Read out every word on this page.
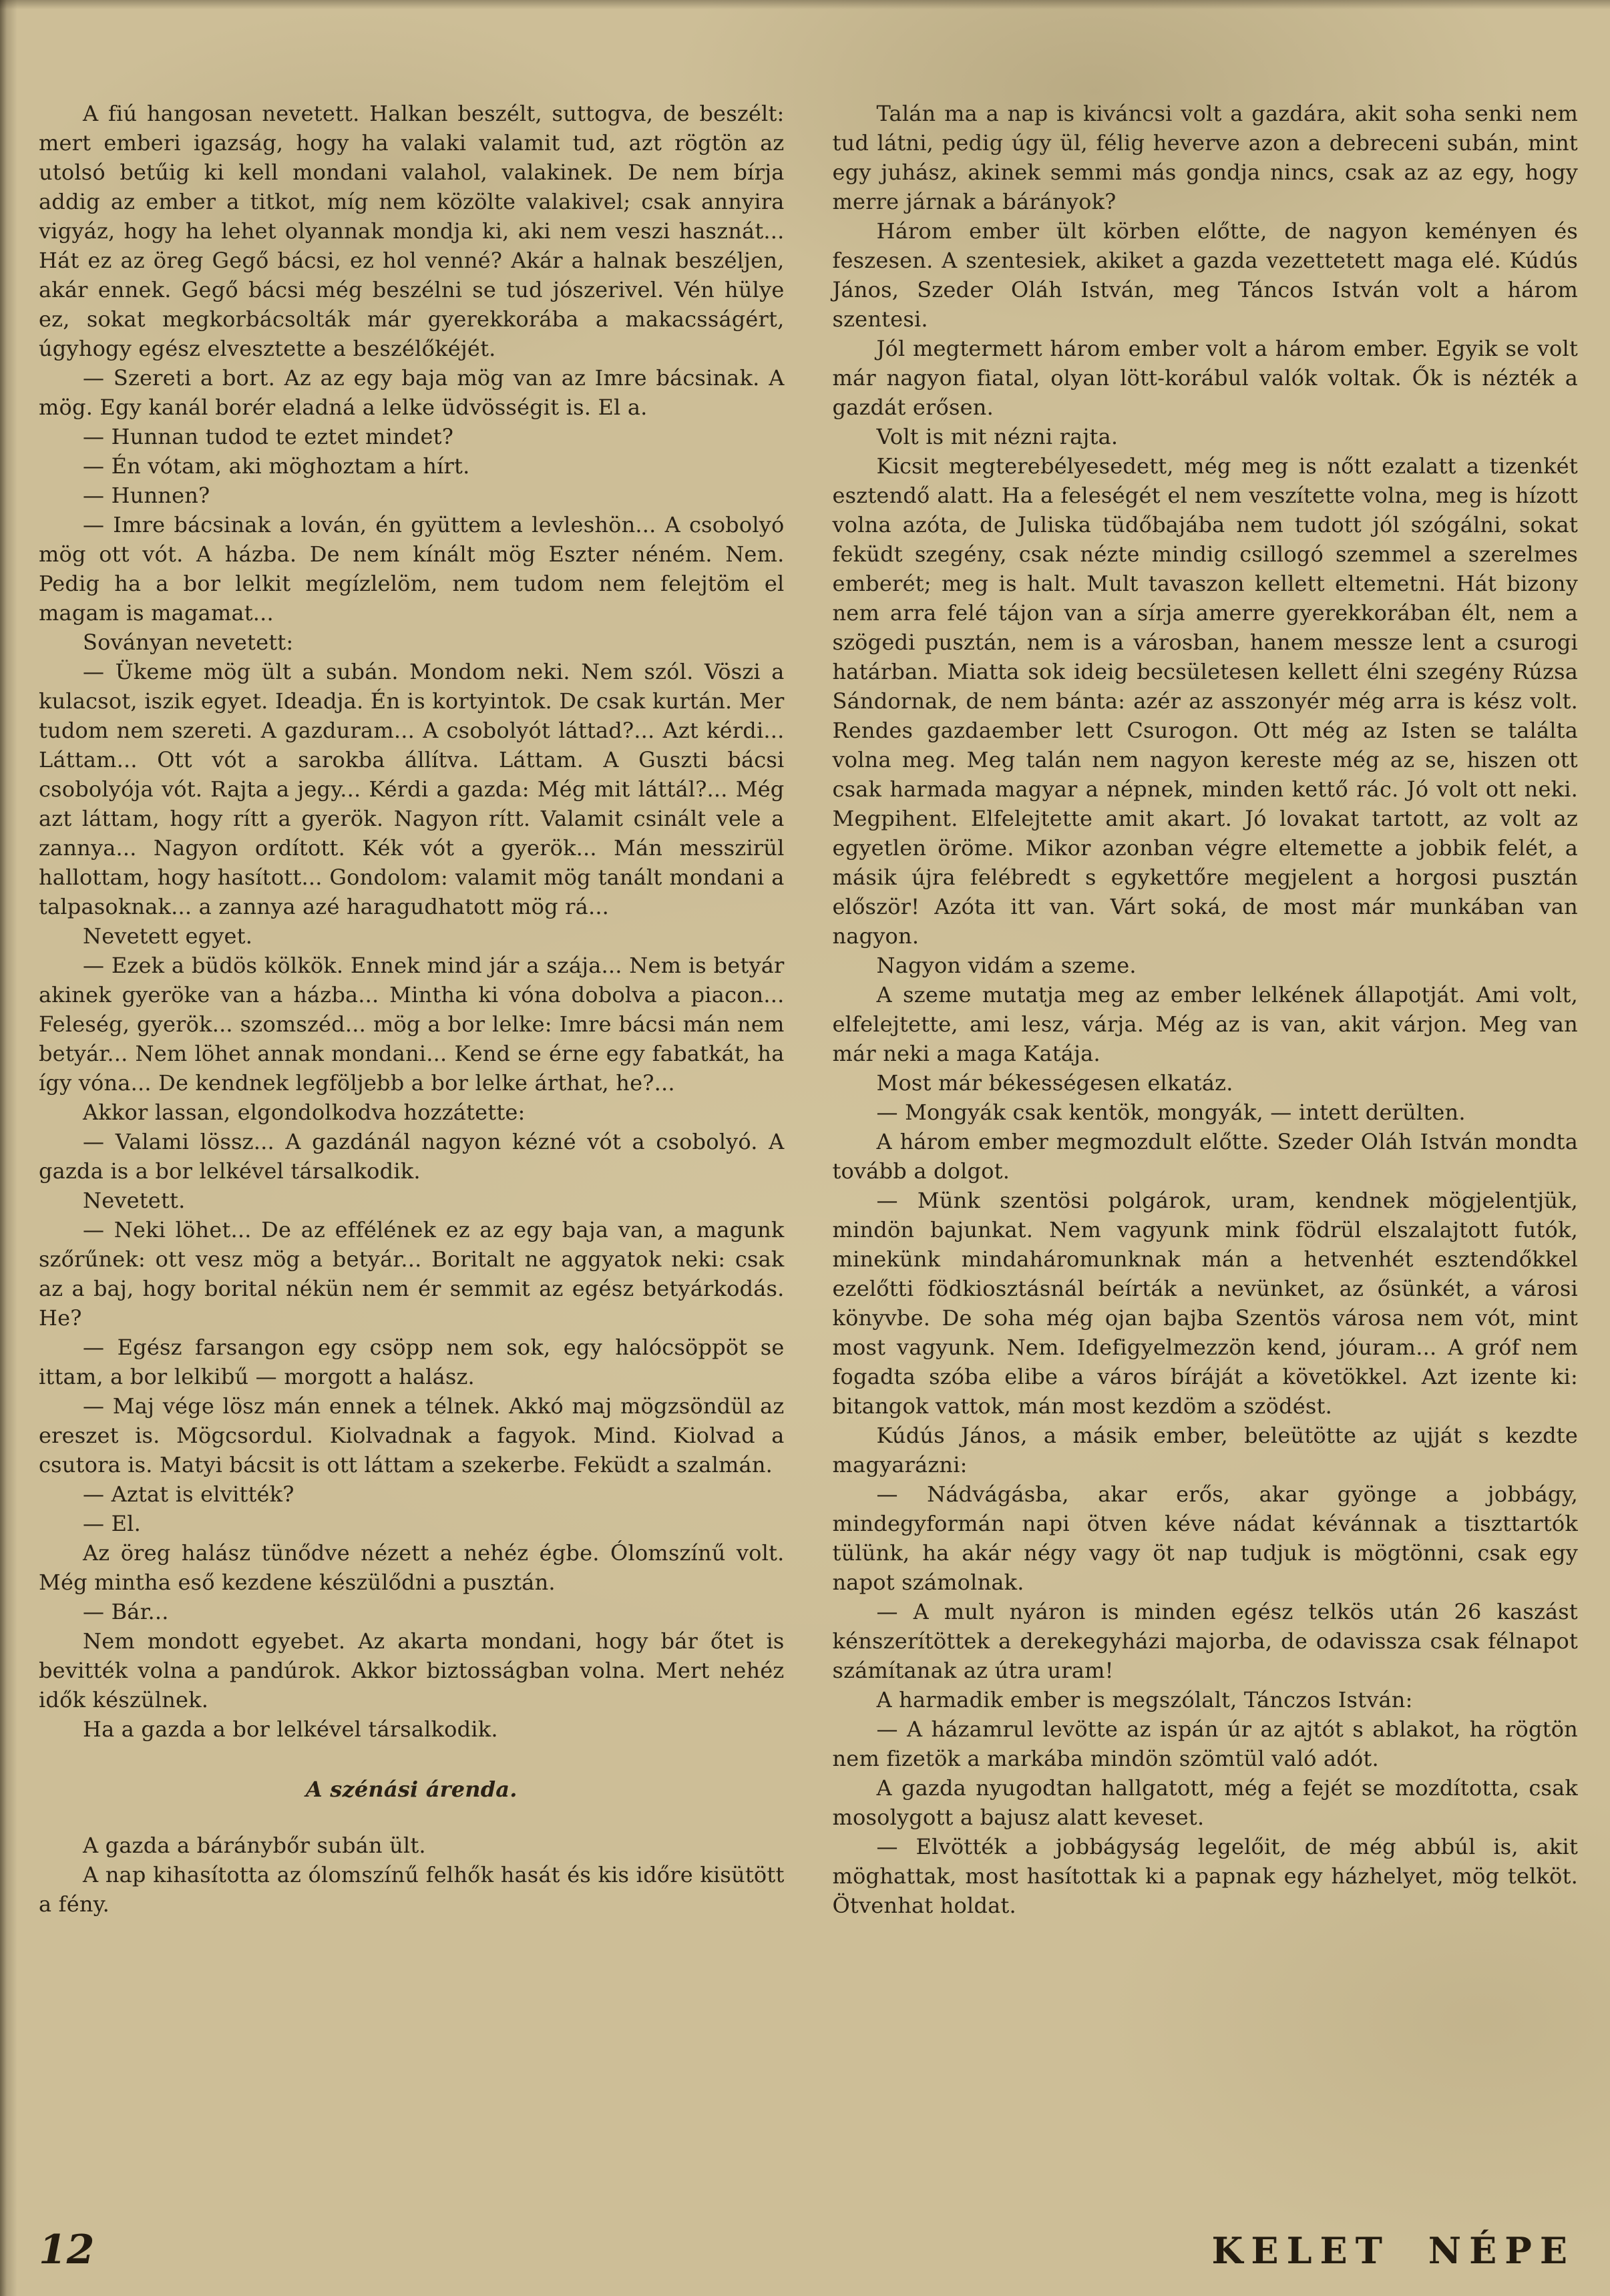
A fiú hangosan nevetett. Halkan beszélt, suttogva, de beszélt: mert emberi igazság, hogy ha valaki valamit tud, azt rögtön az utolsó betűig ki kell mondani valahol, valakinek. De nem bírja addig az ember a titkot, míg nem közölte valakivel; csak annyira vigyáz, hogy ha lehet olyannak mondja ki, aki nem veszi hasznát... Hát ez az öreg Gegő bácsi, ez hol venné? Akár a halnak beszéljen, akár ennek. Gegő bácsi még beszélni se tud jószerivel. Vén hülye ez, sokat megkorbácsolták már gyerekkorába a makacsságért, úgyhogy egész elvesztette a beszélőkéjét.

— Szereti a bort. Az az egy baja mög van az Imre bácsinak. A mög. Egy kanál borér eladná a lelke üdvösségit is. El a.

— Hunnan tudod te eztet mindet?

— Én vótam, aki möghoztam a hírt.

— Hunnen?

— Imre bácsinak a lován, én gyüttem a levleshön... A csobolyó mög ott vót. A házba. De nem kínált mög Eszter néném. Nem. Pedig ha a bor lelkit megízlelöm, nem tudom nem felejtöm el magam is magamat...

Soványan nevetett:

— Ükeme mög ült a subán. Mondom neki. Nem szól. Vöszi a kulacsot, iszik egyet. Ideadja. Én is kortyintok. De csak kurtán. Mer tudom nem szereti. A gazduram... A csobolyót láttad?... Azt kérdi... Láttam... Ott vót a sarokba állítva. Láttam. A Guszti bácsi csobolyója vót. Rajta a jegy... Kérdi a gazda: Még mit láttál?... Még azt láttam, hogy rítt a gyerök. Nagyon rítt. Valamit csinált vele a zannya... Nagyon ordított. Kék vót a gyerök... Mán messzirül hallottam, hogy hasított... Gondolom: valamit mög tanált mondani a talpasoknak... a zannya azé haragudhatott mög rá...

Nevetett egyet.

— Ezek a büdös kölkök. Ennek mind jár a szája... Nem is betyár akinek gyeröke van a házba... Mintha ki vóna dobolva a piacon... Feleség, gyerök... szomszéd... mög a bor lelke: Imre bácsi mán nem betyár... Nem löhet annak mondani... Kend se érne egy fabatkát, ha így vóna... De kendnek legföljebb a bor lelke árthat, he?...

Akkor lassan, elgondolkodva hozzátette:

— Valami lössz... A gazdánál nagyon kézné vót a csobolyó. A gazda is a bor lelkével társalkodik.

Nevetett.

— Neki löhet... De az effélének ez az egy baja van, a magunk szőrűnek: ott vesz mög a betyár... Boritalt ne aggyatok neki: csak az a baj, hogy borital nékün nem ér semmit az egész betyárkodás. He?

— Egész farsangon egy csöpp nem sok, egy halócsöppöt se ittam, a bor lelkibű — morgott a halász.

— Maj vége lösz mán ennek a télnek. Akkó maj mögzsöndül az ereszet is. Mögcsordul. Kiolvadnak a fagyok. Mind. Kiolvad a csutora is. Matyi bácsit is ott láttam a szekerbe. Feküdt a szalmán.

— Aztat is elvitték?

— El.

Az öreg halász tünődve nézett a nehéz égbe. Ólomszínű volt. Még mintha eső kezdene készülődni a pusztán.

— Bár...

Nem mondott egyebet. Az akarta mondani, hogy bár őtet is bevitték volna a pandúrok. Akkor biztosságban volna. Mert nehéz idők készülnek.

Ha a gazda a bor lelkével társalkodik.

A szénási árenda.

A gazda a báránybőr subán ült.

A nap kihasította az ólomszínű felhők hasát és kis időre kisütött a fény.

Talán ma a nap is kiváncsi volt a gazdára, akit soha senki nem tud látni, pedig úgy ül, félig heverve azon a debreceni subán, mint egy juhász, akinek semmi más gondja nincs, csak az az egy, hogy merre járnak a bárányok?

Három ember ült körben előtte, de nagyon keményen és feszesen. A szentesiek, akiket a gazda vezettetett maga elé. Kúdús János, Szeder Oláh István, meg Táncos István volt a három szentesi.

Jól megtermett három ember volt a három ember. Egyik se volt már nagyon fiatal, olyan lött-korábul valók voltak. Ők is nézték a gazdát erősen.

Volt is mit nézni rajta.

Kicsit megterebélyesedett, még meg is nőtt ezalatt a tizenkét esztendő alatt. Ha a feleségét el nem veszítette volna, meg is hízott volna azóta, de Juliska tüdőbajába nem tudott jól szógálni, sokat feküdt szegény, csak nézte mindig csillogó szemmel a szerelmes emberét; meg is halt. Mult tavaszon kellett eltemetni. Hát bizony nem arra felé tájon van a sírja amerre gyerekkorában élt, nem a szögedi pusztán, nem is a városban, hanem messze lent a csurogi határban. Miatta sok ideig becsületesen kellett élni szegény Rúzsa Sándornak, de nem bánta: azér az asszonyér még arra is kész volt. Rendes gazdaember lett Csurogon. Ott még az Isten se találta volna meg. Meg talán nem nagyon kereste még az se, hiszen ott csak harmada magyar a népnek, minden kettő rác. Jó volt ott neki. Megpihent. Elfelejtette amit akart. Jó lovakat tartott, az volt az egyetlen öröme. Mikor azonban végre eltemette a jobbik felét, a másik újra felébredt s egykettőre megjelent a horgosi pusztán először! Azóta itt van. Várt soká, de most már munkában van nagyon.

Nagyon vidám a szeme.

A szeme mutatja meg az ember lelkének állapotját. Ami volt, elfelejtette, ami lesz, várja. Még az is van, akit várjon. Meg van már neki a maga Katája.

Most már békességesen elkatáz.

— Mongyák csak kentök, mongyák, — intett derülten.

A három ember megmozdult előtte. Szeder Oláh István mondta tovább a dolgot.

— Münk szentösi polgárok, uram, kendnek mögjelentjük, mindön bajunkat. Nem vagyunk mink födrül elszalajtott futók, minekünk mindaháromunknak mán a hetvenhét esztendőkkel ezelőtti födkiosztásnál beírták a nevünket, az ősünkét, a városi könyvbe. De soha még ojan bajba Szentös városa nem vót, mint most vagyunk. Nem. Idefigyelmezzön kend, jóuram... A gróf nem fogadta szóba elibe a város bíráját a követökkel. Azt izente ki: bitangok vattok, mán most kezdöm a szödést.

Kúdús János, a másik ember, beleütötte az ujját s kezdte magyarázni:

— Nádvágásba, akar erős, akar gyönge a jobbágy, mindegyformán napi ötven kéve nádat kévánnak a tiszttartók tülünk, ha akár négy vagy öt nap tudjuk is mögtönni, csak egy napot számolnak.

— A mult nyáron is minden egész telkös után 26 kaszást kénszerítöttek a derekegyházi majorba, de odavissza csak félnapot számítanak az útra uram!

A harmadik ember is megszólalt, Tánczos István:

— A házamrul levötte az ispán úr az ajtót s ablakot, ha rögtön nem fizetök a markába mindön szömtül való adót.

A gazda nyugodtan hallgatott, még a fejét se mozdította, csak mosolygott a bajusz alatt keveset.

— Elvötték a jobbágyság legelőit, de még abbúl is, akit möghattak, most hasítottak ki a papnak egy házhelyet, mög telköt. Ötvenhat holdat.

12	KELET NÉPE
